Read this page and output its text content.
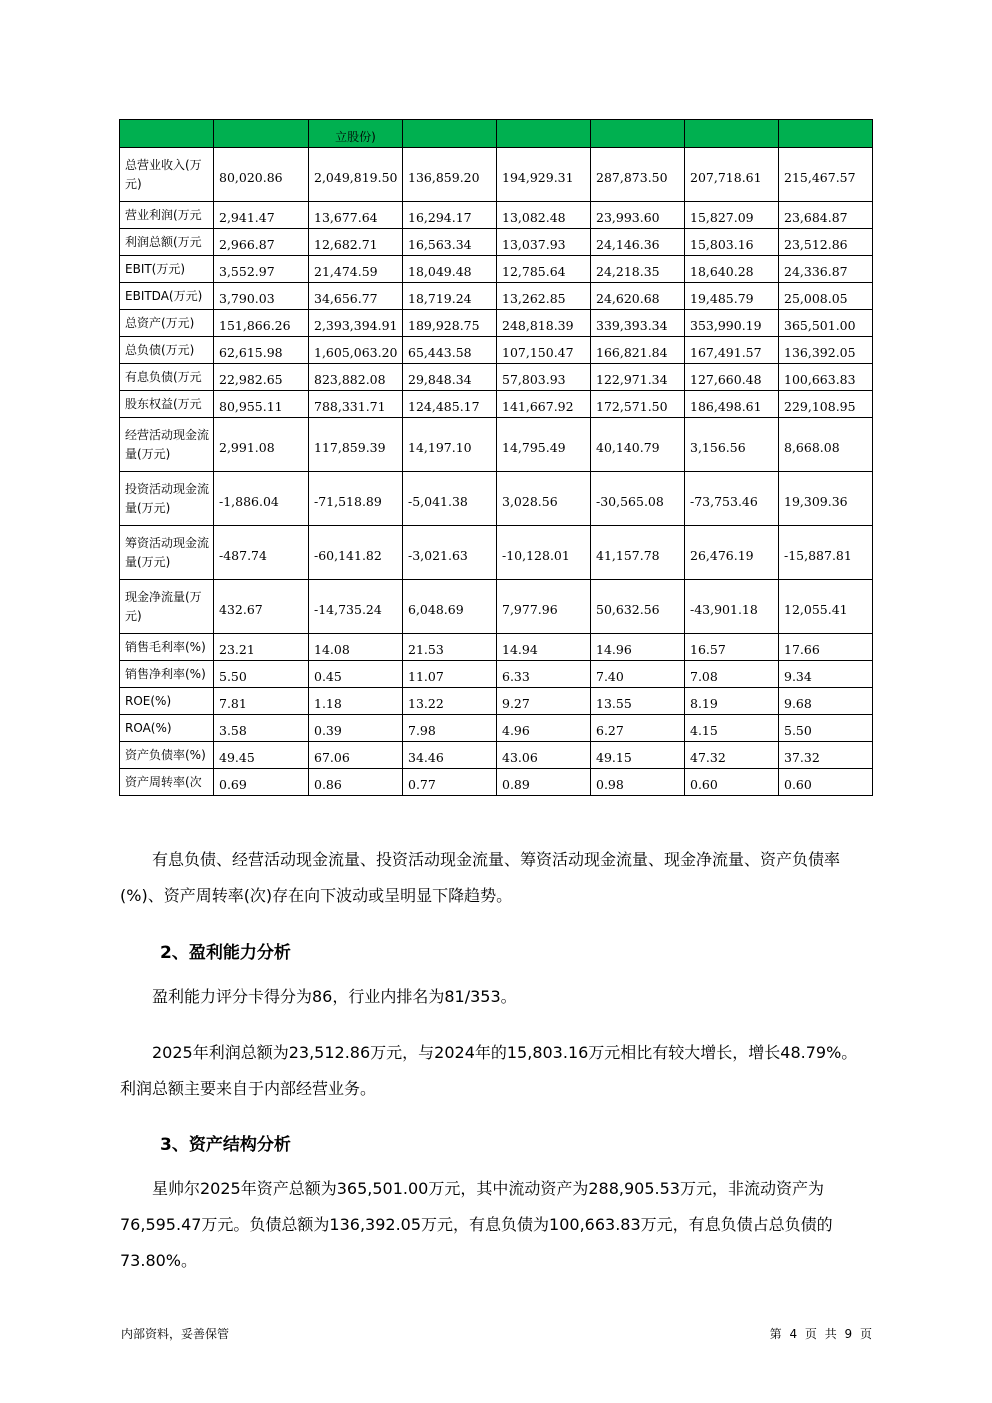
		立股份)					
总营业收入(万元)	80,020.86	2,049,819.50	136,859.20	194,929.31	287,873.50	207,718.61	215,467.57
营业利润(万元	2,941.47	13,677.64	16,294.17	13,082.48	23,993.60	15,827.09	23,684.87
利润总额(万元	2,966.87	12,682.71	16,563.34	13,037.93	24,146.36	15,803.16	23,512.86
EBIT(万元)	3,552.97	21,474.59	18,049.48	12,785.64	24,218.35	18,640.28	24,336.87
EBITDA(万元)	3,790.03	34,656.77	18,719.24	13,262.85	24,620.68	19,485.79	25,008.05
总资产(万元)	151,866.26	2,393,394.91	189,928.75	248,818.39	339,393.34	353,990.19	365,501.00
总负债(万元)	62,615.98	1,605,063.20	65,443.58	107,150.47	166,821.84	167,491.57	136,392.05
有息负债(万元	22,982.65	823,882.08	29,848.34	57,803.93	122,971.34	127,660.48	100,663.83
股东权益(万元	80,955.11	788,331.71	124,485.17	141,667.92	172,571.50	186,498.61	229,108.95
经营活动现金流量(万元)	2,991.08	117,859.39	14,197.10	14,795.49	40,140.79	3,156.56	8,668.08
投资活动现金流量(万元)	-1,886.04	-71,518.89	-5,041.38	3,028.56	-30,565.08	-73,753.46	19,309.36
筹资活动现金流量(万元)	-487.74	-60,141.82	-3,021.63	-10,128.01	41,157.78	26,476.19	-15,887.81
现金净流量(万元)	432.67	-14,735.24	6,048.69	7,977.96	50,632.56	-43,901.18	12,055.41
销售毛利率(%)	23.21	14.08	21.53	14.94	14.96	16.57	17.66
销售净利率(%)	5.50	0.45	11.07	6.33	7.40	7.08	9.34
ROE(%)	7.81	1.18	13.22	9.27	13.55	8.19	9.68
ROA(%)	3.58	0.39	7.98	4.96	6.27	4.15	5.50
资产负债率(%)	49.45	67.06	34.46	43.06	49.15	47.32	37.32
资产周转率(次	0.69	0.86	0.77	0.89	0.98	0.60	0.60

有息负债、经营活动现金流量、投资活动现金流量、筹资活动现金流量、现金净流量、资产负债率(%)、资产周转率(次)存在向下波动或呈明显下降趋势。

2、盈利能力分析

盈利能力评分卡得分为86，行业内排名为81/353。

2025年利润总额为23,512.86万元，与2024年的15,803.16万元相比有较大增长，增长48.79%。利润总额主要来自于内部经营业务。

3、资产结构分析

星帅尔2025年资产总额为365,501.00万元，其中流动资产为288,905.53万元，非流动资产为76,595.47万元。负债总额为136,392.05万元，有息负债为100,663.83万元，有息负债占总负债的73.80%。

内部资料，妥善保管	第 4 页 共 9 页
